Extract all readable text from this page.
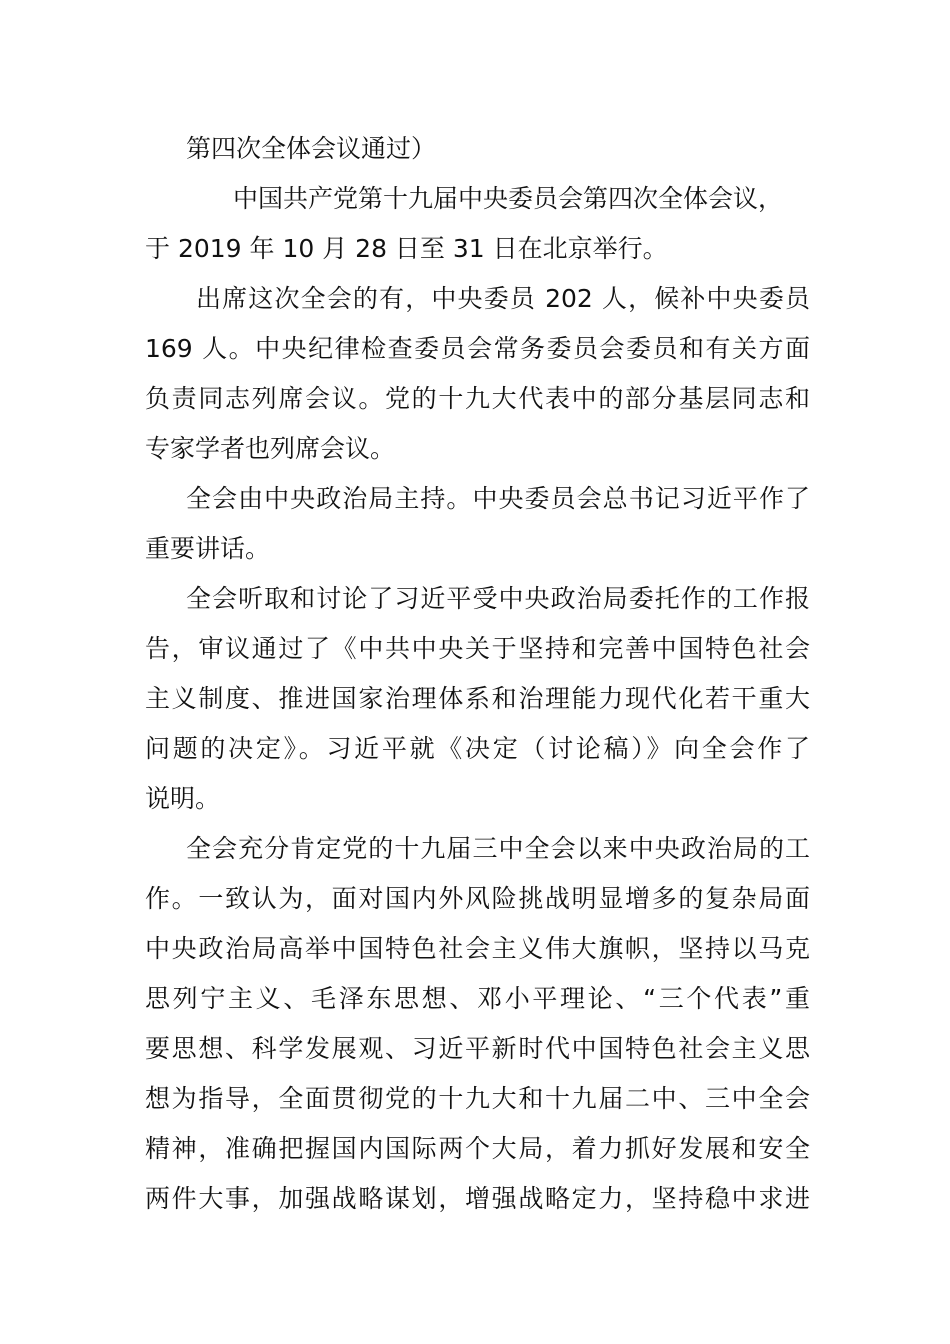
第四次全体会议通过）
中国共产党第十九届中央委员会第四次全体会议，
于 2019 年 10 月 28 日至 31 日在北京举行。
出席这次全会的有，中央委员 202 人，候补中央委员
169 人。中央纪律检查委员会常务委员会委员和有关方面
负责同志列席会议。党的十九大代表中的部分基层同志和
专家学者也列席会议。
全会由中央政治局主持。中央委员会总书记习近平作了
重要讲话。
全会听取和讨论了习近平受中央政治局委托作的工作报
告，审议通过了《中共中央关于坚持和完善中国特色社会
主义制度、推进国家治理体系和治理能力现代化若干重大
问题的决定》。习近平就《决定（讨论稿）》向全会作了
说明。
全会充分肯定党的十九届三中全会以来中央政治局的工
作。一致认为，面对国内外风险挑战明显增多的复杂局面
中央政治局高举中国特色社会主义伟大旗帜，坚持以马克
思列宁主义、毛泽东思想、邓小平理论、“三个代表”重
要思想、科学发展观、习近平新时代中国特色社会主义思
想为指导，全面贯彻党的十九大和十九届二中、三中全会
精神，准确把握国内国际两个大局，着力抓好发展和安全
两件大事，加强战略谋划，增强战略定力，坚持稳中求进
